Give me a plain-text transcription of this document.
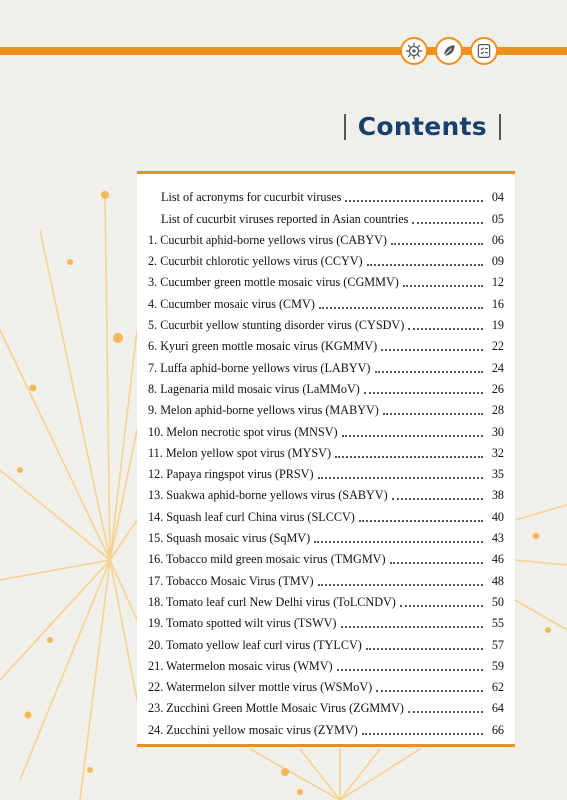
Contents
List of acronyms for cucurbit viruses	04
List of cucurbit viruses reported in Asian countries	05
1. Cucurbit aphid-borne yellows virus (CABYV)	06
2. Cucurbit chlorotic yellows virus (CCYV)	09
3. Cucumber green mottle mosaic virus (CGMMV)	12
4. Cucumber mosaic virus (CMV)	16
5. Cucurbit yellow stunting disorder virus (CYSDV)	19
6. Kyuri green mottle mosaic virus (KGMMV)	22
7. Luffa aphid-borne yellows virus (LABYV)	24
8. Lagenaria mild mosaic virus (LaMMoV)	26
9. Melon aphid-borne yellows virus (MABYV)	28
10. Melon necrotic spot virus (MNSV)	30
11. Melon yellow spot virus (MYSV)	32
12. Papaya ringspot virus (PRSV)	35
13. Suakwa aphid-borne yellows virus (SABYV)	38
14. Squash leaf curl China virus (SLCCV)	40
15. Squash mosaic virus (SqMV)	43
16. Tobacco mild green mosaic virus (TMGMV)	46
17. Tobacco Mosaic Virus (TMV)	48
18. Tomato leaf curl New Delhi virus (ToLCNDV)	50
19. Tomato spotted wilt virus (TSWV)	55
20. Tomato yellow leaf curl virus (TYLCV)	57
21. Watermelon mosaic virus (WMV)	59
22. Watermelon silver mottle virus (WSMoV)	62
23. Zucchini Green Mottle Mosaic Virus (ZGMMV)	64
24. Zucchini yellow mosaic virus (ZYMV)	66
